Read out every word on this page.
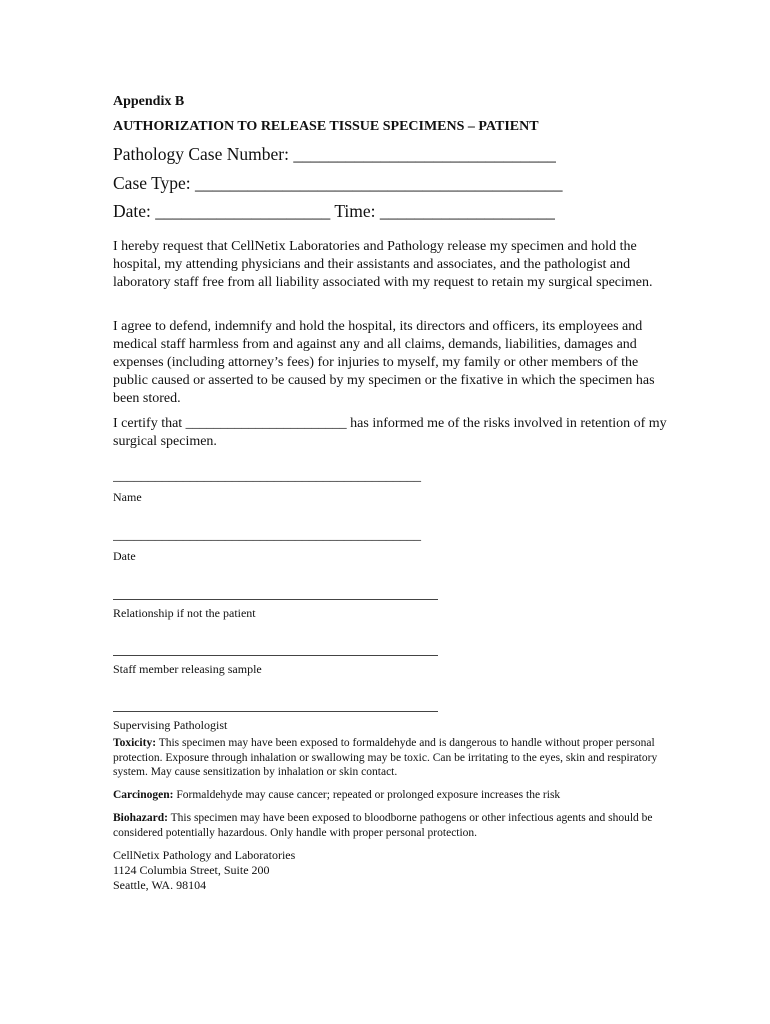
Appendix B
AUTHORIZATION TO RELEASE TISSUE SPECIMENS – PATIENT
Pathology Case Number: ______________________________
Case Type: __________________________________________
Date: ____________________ Time: ____________________

I hereby request that CellNetix Laboratories and Pathology release my specimen and hold the hospital, my attending physicians and their assistants and associates, and the pathologist and laboratory staff free from all liability associated with my request to retain my surgical specimen.

I agree to defend, indemnify and hold the hospital, its directors and officers, its employees and medical staff harmless from and against any and all claims, demands, liabilities, damages and expenses (including attorney’s fees) for injuries to myself, my family or other members of the public caused or asserted to be caused by my specimen or the fixative in which the specimen has been stored.

I certify that _______________________ has informed me of the risks involved in retention of my surgical specimen.

____________________________________________
Name
____________________________________________
Date
Relationship if not the patient
Staff member releasing sample
Supervising Pathologist

Toxicity: This specimen may have been exposed to formaldehyde and is dangerous to handle without proper personal protection. Exposure through inhalation or swallowing may be toxic. Can be irritating to the eyes, skin and respiratory system. May cause sensitization by inhalation or skin contact.

Carcinogen: Formaldehyde may cause cancer; repeated or prolonged exposure increases the risk

Biohazard: This specimen may have been exposed to bloodborne pathogens or other infectious agents and should be considered potentially hazardous. Only handle with proper personal protection.

CellNetix Pathology and Laboratories
1124 Columbia Street, Suite 200
Seattle, WA. 98104
